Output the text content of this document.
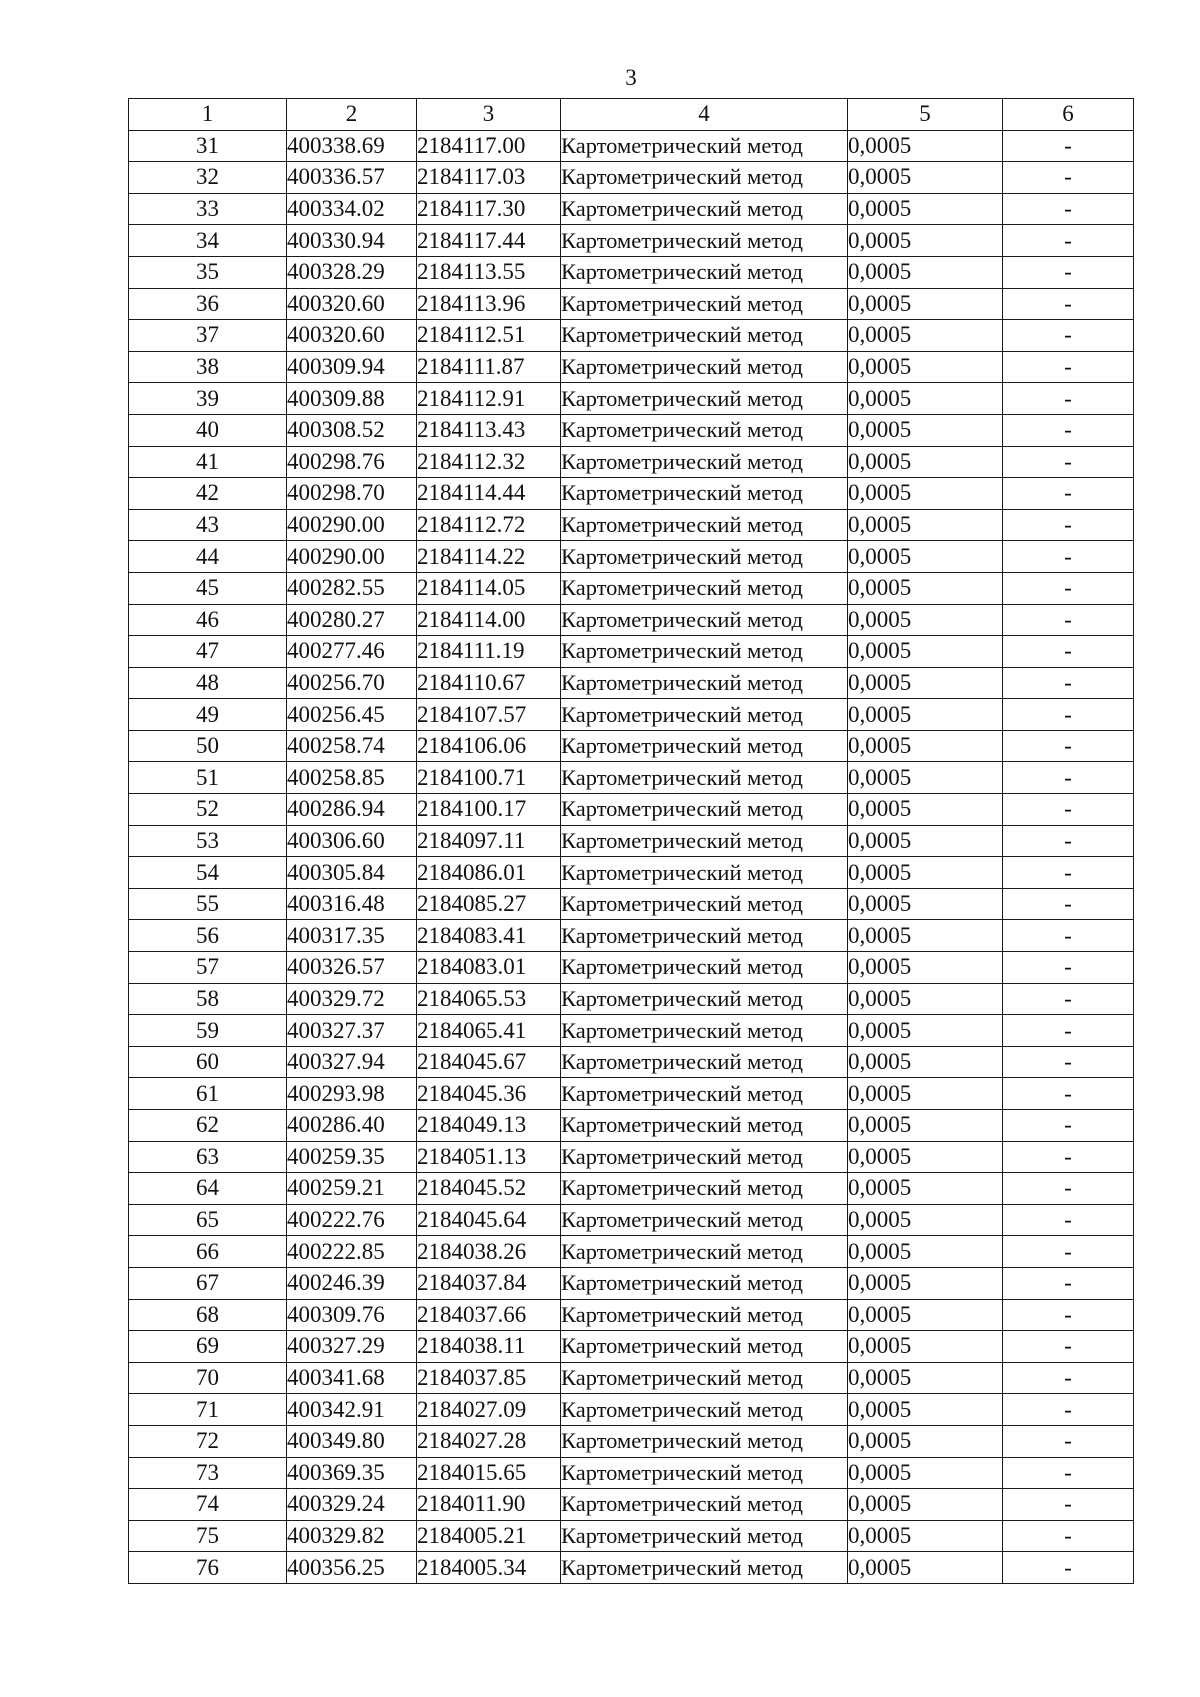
3
1	2	3	4	5	6
31	400338.69	2184117.00	Картометрический метод	0,0005	-
32	400336.57	2184117.03	Картометрический метод	0,0005	-
33	400334.02	2184117.30	Картометрический метод	0,0005	-
34	400330.94	2184117.44	Картометрический метод	0,0005	-
35	400328.29	2184113.55	Картометрический метод	0,0005	-
36	400320.60	2184113.96	Картометрический метод	0,0005	-
37	400320.60	2184112.51	Картометрический метод	0,0005	-
38	400309.94	2184111.87	Картометрический метод	0,0005	-
39	400309.88	2184112.91	Картометрический метод	0,0005	-
40	400308.52	2184113.43	Картометрический метод	0,0005	-
41	400298.76	2184112.32	Картометрический метод	0,0005	-
42	400298.70	2184114.44	Картометрический метод	0,0005	-
43	400290.00	2184112.72	Картометрический метод	0,0005	-
44	400290.00	2184114.22	Картометрический метод	0,0005	-
45	400282.55	2184114.05	Картометрический метод	0,0005	-
46	400280.27	2184114.00	Картометрический метод	0,0005	-
47	400277.46	2184111.19	Картометрический метод	0,0005	-
48	400256.70	2184110.67	Картометрический метод	0,0005	-
49	400256.45	2184107.57	Картометрический метод	0,0005	-
50	400258.74	2184106.06	Картометрический метод	0,0005	-
51	400258.85	2184100.71	Картометрический метод	0,0005	-
52	400286.94	2184100.17	Картометрический метод	0,0005	-
53	400306.60	2184097.11	Картометрический метод	0,0005	-
54	400305.84	2184086.01	Картометрический метод	0,0005	-
55	400316.48	2184085.27	Картометрический метод	0,0005	-
56	400317.35	2184083.41	Картометрический метод	0,0005	-
57	400326.57	2184083.01	Картометрический метод	0,0005	-
58	400329.72	2184065.53	Картометрический метод	0,0005	-
59	400327.37	2184065.41	Картометрический метод	0,0005	-
60	400327.94	2184045.67	Картометрический метод	0,0005	-
61	400293.98	2184045.36	Картометрический метод	0,0005	-
62	400286.40	2184049.13	Картометрический метод	0,0005	-
63	400259.35	2184051.13	Картометрический метод	0,0005	-
64	400259.21	2184045.52	Картометрический метод	0,0005	-
65	400222.76	2184045.64	Картометрический метод	0,0005	-
66	400222.85	2184038.26	Картометрический метод	0,0005	-
67	400246.39	2184037.84	Картометрический метод	0,0005	-
68	400309.76	2184037.66	Картометрический метод	0,0005	-
69	400327.29	2184038.11	Картометрический метод	0,0005	-
70	400341.68	2184037.85	Картометрический метод	0,0005	-
71	400342.91	2184027.09	Картометрический метод	0,0005	-
72	400349.80	2184027.28	Картометрический метод	0,0005	-
73	400369.35	2184015.65	Картометрический метод	0,0005	-
74	400329.24	2184011.90	Картометрический метод	0,0005	-
75	400329.82	2184005.21	Картометрический метод	0,0005	-
76	400356.25	2184005.34	Картометрический метод	0,0005	-
